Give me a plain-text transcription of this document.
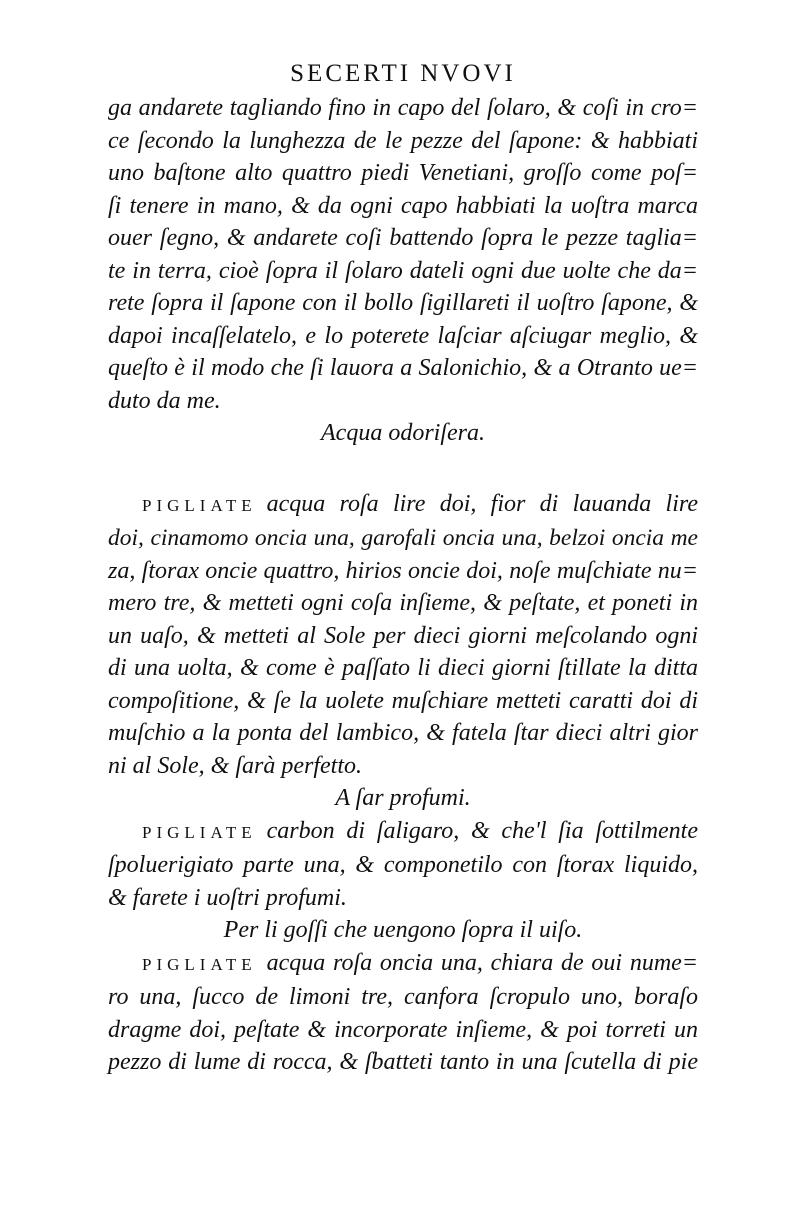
SECERTI NVOVI
ga andarete tagliando fino in capo del ſolaro, & coſi in cro=
ce ſecondo la lunghezza de le pezze del ſapone: & habbiati
uno baſtone alto quattro piedi Venetiani, groſſo come poſ=
ſi tenere in mano, & da ogni capo habbiati la uoſtra marca
ouer ſegno, & andarete coſi battendo ſopra le pezze taglia=
te in terra, cioè ſopra il ſolaro dateli ogni due uolte che da=
rete ſopra il ſapone con il bollo ſigillareti il uoſtro ſapone, &
dapoi incaſſelatelo, e lo poterete laſciar aſciugar meglio, &
queſto è il modo che ſi lauora a Salonichio, & a Otranto ue=
duto da me.
Acqua odoriſera.
PIGLIATE acqua roſa lire doi, fior di lauanda lire
doi, cinamomo oncia una, garofali oncia una, belzoi oncia me
za, ſtorax oncie quattro, hirios oncie doi, noſe muſchiate nu=
mero tre, & metteti ogni coſa inſieme, & peſtate, et poneti in
un uaſo, & metteti al Sole per dieci giorni meſcolando ogni
di una uolta, & come è paſſato li dieci giorni ſtillate la ditta
compoſitione, & ſe la uolete muſchiare metteti caratti doi di
muſchio a la ponta del lambico, & fatela ſtar dieci altri gior
ni al Sole, & ſarà perfetto.
A ſar profumi.
PIGLIATE carbon di ſaligaro, & che'l ſia ſottilmente
ſpoluerigiato parte una, & componetilo con ſtorax liquido,
& farete i uoſtri profumi.
Per li goſſi che uengono ſopra il uiſo.
PIGLIATE acqua roſa oncia una, chiara de oui nume=
ro una, ſucco de limoni tre, canfora ſcropulo uno, boraſo
dragme doi, peſtate & incorporate inſieme, & poi torreti un
pezzo di lume di rocca, & ſbatteti tanto in una ſcutella di pie
